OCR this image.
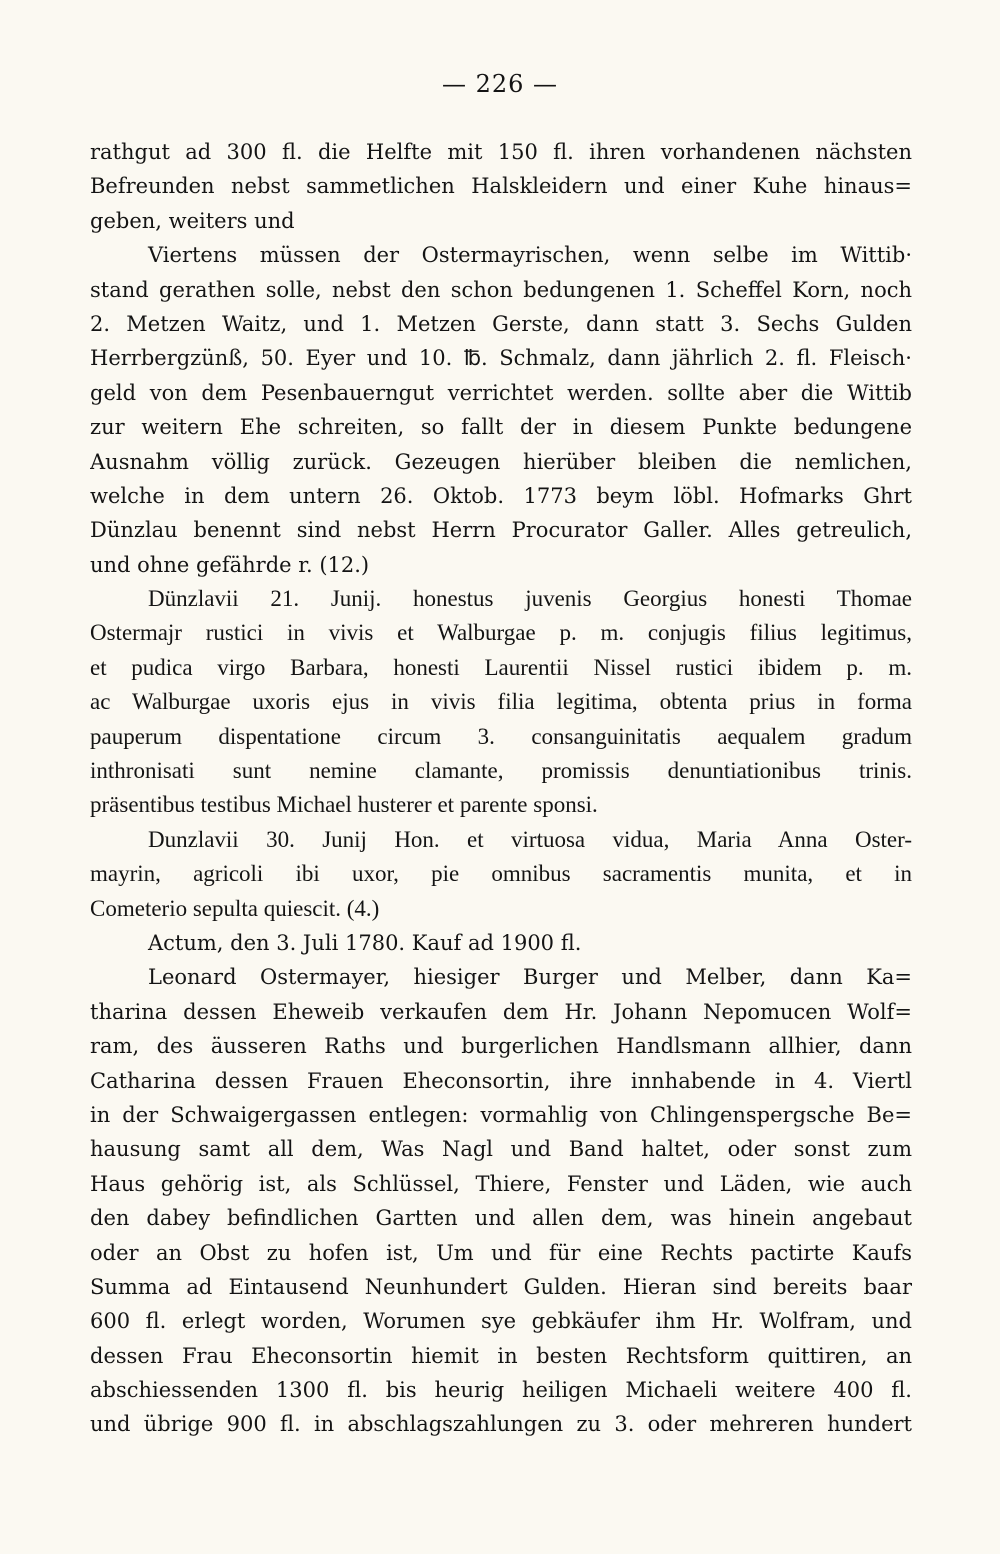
— 226 —
rathgut ad 300 fl. die Helfte mit 150 fl. ihren vorhandenen nächsten
Befreunden nebst sammetlichen Halskleidern und einer Kuhe hinaus=
geben, weiters und
Viertens müssen der Ostermayrischen, wenn selbe im Wittib·
stand gerathen solle, nebst den schon bedungenen 1. Scheffel Korn, noch
2. Metzen Waitz, und 1. Metzen Gerste, dann statt 3. Sechs Gulden
Herrbergzünß, 50. Eyer und 10. ℔. Schmalz, dann jährlich 2. fl. Fleisch·
geld von dem Pesenbauerngut verrichtet werden. sollte aber die Wittib
zur weitern Ehe schreiten, so fallt der in diesem Punkte bedungene
Ausnahm völlig zurück. Gezeugen hierüber bleiben die nemlichen,
welche in dem untern 26. Oktob. 1773 beym löbl. Hofmarks Ghrt
Dünzlau benennt sind nebst Herrn Procurator Galler. Alles getreulich,
und ohne gefährde r. (12.)
Dünzlavii 21. Junij. honestus juvenis Georgius honesti Thomae
Ostermajr rustici in vivis et Walburgae p. m. conjugis filius legitimus,
et pudica virgo Barbara, honesti Laurentii Nissel rustici ibidem p. m.
ac Walburgae uxoris ejus in vivis filia legitima, obtenta prius in forma
pauperum dispentatione circum 3. consanguinitatis aequalem gradum
inthronisati sunt nemine clamante, promissis denuntiationibus trinis.
präsentibus testibus Michael husterer et parente sponsi.
Dunzlavii 30. Junij Hon. et virtuosa vidua, Maria Anna Oster-
mayrin, agricoli ibi uxor, pie omnibus sacramentis munita, et in
Cometerio sepulta quiescit. (4.)
Actum, den 3. Juli 1780. Kauf ad 1900 fl.
Leonard Ostermayer, hiesiger Burger und Melber, dann Ka=
tharina dessen Eheweib verkaufen dem Hr. Johann Nepomucen Wolf=
ram, des äusseren Raths und burgerlichen Handlsmann allhier, dann
Catharina dessen Frauen Eheconsortin, ihre innhabende in 4. Viertl
in der Schwaigergassen entlegen: vormahlig von Chlingenspergsche Be=
hausung samt all dem, Was Nagl und Band haltet, oder sonst zum
Haus gehörig ist, als Schlüssel, Thiere, Fenster und Läden, wie auch
den dabey befindlichen Gartten und allen dem, was hinein angebaut
oder an Obst zu hofen ist, Um und für eine Rechts pactirte Kaufs
Summa ad Eintausend Neunhundert Gulden. Hieran sind bereits baar
600 fl. erlegt worden, Worumen sye gebkäufer ihm Hr. Wolfram, und
dessen Frau Eheconsortin hiemit in besten Rechtsform quittiren, an
abschiessenden 1300 fl. bis heurig heiligen Michaeli weitere 400 fl.
und übrige 900 fl. in abschlagszahlungen zu 3. oder mehreren hundert
